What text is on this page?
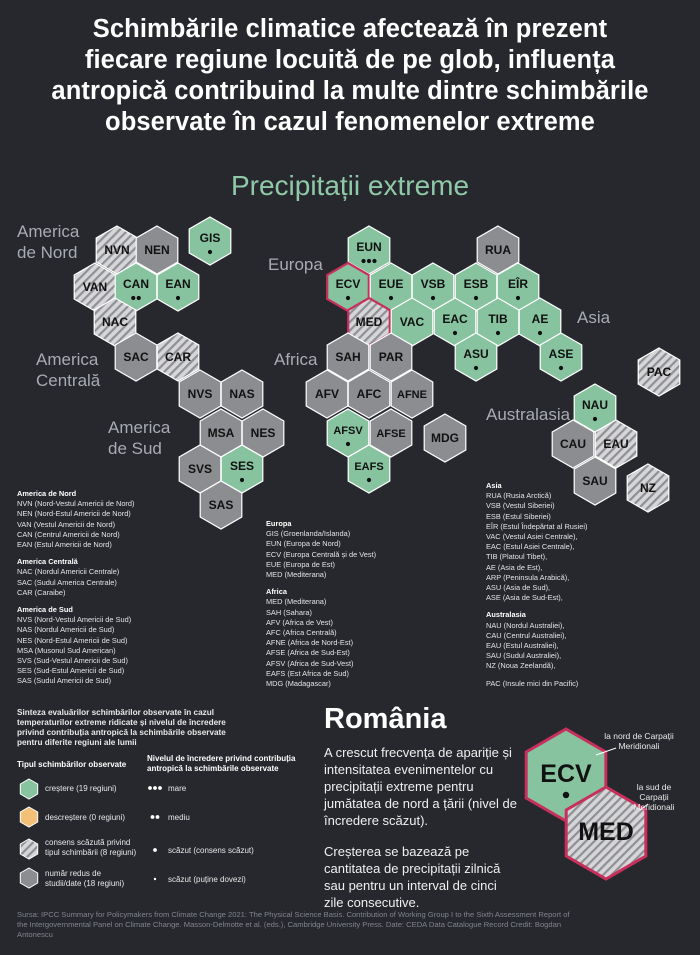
Schimbările climatice afectează în prezent
fiecare regiune locuită de pe glob, influența
antropică contribuind la multe dintre schimbările
observate în cazul fenomenelor extreme
Precipitații extreme
America
de Nord
Europa
Asia
America
Centrală
Africa
America
de Sud
Australasia
GIS
NVN NEN
VAN CAN EAN
NAC
SAC CAR
NVS NAS
MSA NES
SVS SES
SAS
EUN
ECV EUE
MED
VSB ESB
RUA
EÎR
VAC EAC TIB AE
ASU	ASE
SAH PAR
AFV AFC AFNE
AFSV AFSE
EAFS
MDG
PAC
NAU
CAU EAU
SAU	NZ
ECV
MED
America de Nord
NVN (Nord-Vestul Americii de Nord)
NEN (Nord-Estul Americii de Nord)
VAN (Vestul Americii de Nord)
CAN (Centrul Americii de Nord)
EAN (Estul Americii de Nord)
America Centrală
NAC (Nordul Americii Centrale)
SAC (Sudul America Centrale)
CAR (Caraibe)
America de Sud
NVS (Nord-Vestul Americii de Sud)
NAS (Nordul Americii de Sud)
NES (Nord-Estul Americii de Sud)
MSA (Musonul Sud American)
SVS (Sud-Vestul Americii de Sud)
SES (Sud-Estul Americii de Sud)
SAS (Sudul Americii de Sud)
Europa
GIS (Groenlanda/Islanda)
EUN (Europa de Nord)
ECV (Europa Centrală și de Vest)
EUE (Europa de Est)
MED (Mediterana)
Africa
MED (Mediterana)
SAH (Sahara)
AFV (Africa de Vest)
AFC (Africa Centrală)
AFNE (Africa de Nord-Est)
AFSE (Africa de Sud-Est)
AFSV (Africa de Sud-Vest)
EAFS (Est Africa de Sud)
MDG (Madagascar)
Asia
RUA (Rusia Arctică)
VSB (Vestul Siberiei)
ESB (Estul Siberiei)
EÎR (Estul Îndepărtat al Rusiei)
VAC (Vestul Asiei Centrale),
EAC (Estul Asiei Centrale),
TIB (Platoul Tibet),
AE (Asia de Est),
ARP (Peninsula Arabică),
ASU (Asia de Sud),
ASE (Asia de Sud-Est),
Australasia
NAU (Nordul Australiei),
CAU (Centrul Australiei),
EAU (Estul Australiei),
SAU (Sudul Australiei),
NZ (Noua Zeelandă),
PAC (Insule mici din Pacific)
Sinteza evaluărilor schimbărilor observate în cazul temperaturilor extreme ridicate și nivelul de încredere privind contribuția antropică la schimbările observate pentru diferite regiuni ale lumii
Tipul schimbărilor observate
creștere (19 regiuni)
descreștere (0 regiuni)
consens scăzută privind tipul schimbării (8 regiuni)
număr redus de studii/date (18 regiuni)
Nivelul de încredere privind contribuția antropică la schimbările observate
mare
mediu
scăzut (consens scăzut)
scăzut (puține dovezi)
România
A crescut frecvența de apariție și intensitatea evenimentelor cu precipitații extreme pentru jumătatea de nord a țării (nivel de încredere scăzut).
Creșterea se bazează pe cantitatea de precipitații zilnică sau pentru un interval de cinci zile consecutive.
la nord de Carpații Meridionali
la sud de Carpații Meridionali
Sursa: IPCC Summary for Policymakers from Climate Change 2021: The Physical Science Basis. Contribution of Working Group I to the Sixth Assessment Report of the Intergovernmental Panel on Climate Change. Masson-Delmotte et al. (eds.), Cambridge University Press. Date: CEDA Data Catalogue Record Credit: Bogdan Antonescu
